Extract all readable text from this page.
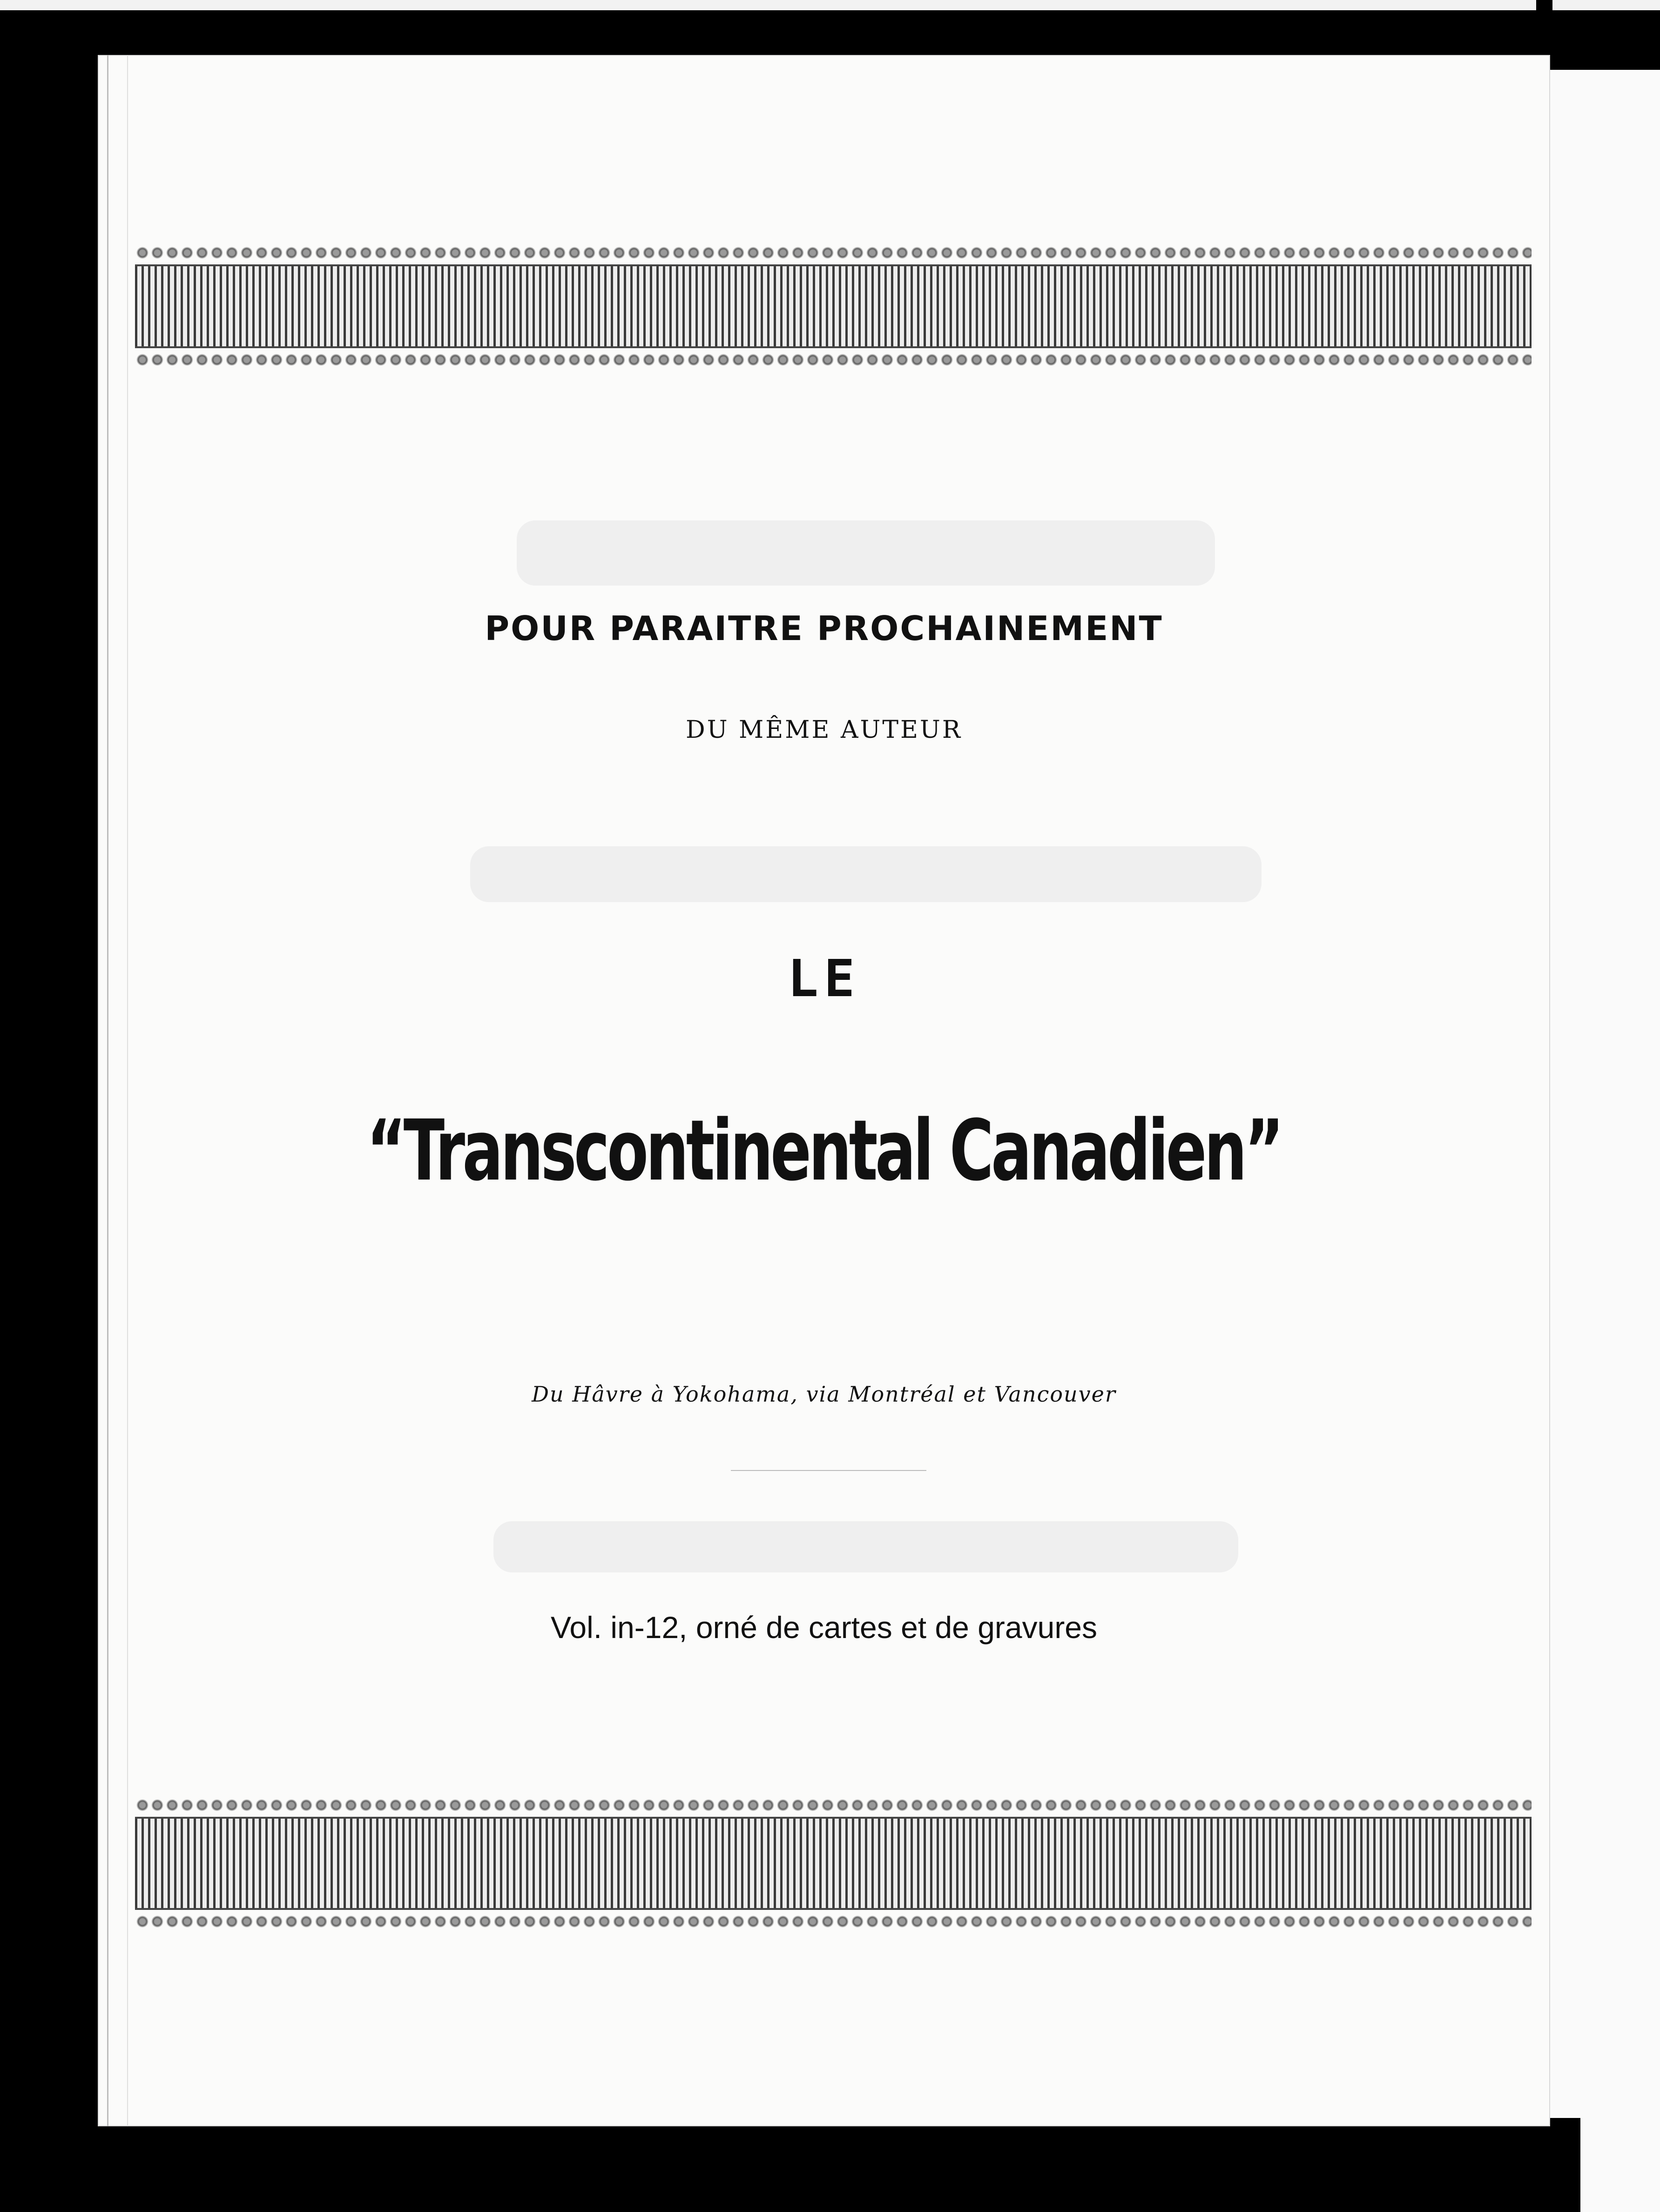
POUR PARAITRE PROCHAINEMENT

DU MÊME AUTEUR

LE

“Transcontinental Canadien”

Du Hâvre à Yokohama, via Montréal et Vancouver

Vol. in-12, orné de cartes et de gravures
